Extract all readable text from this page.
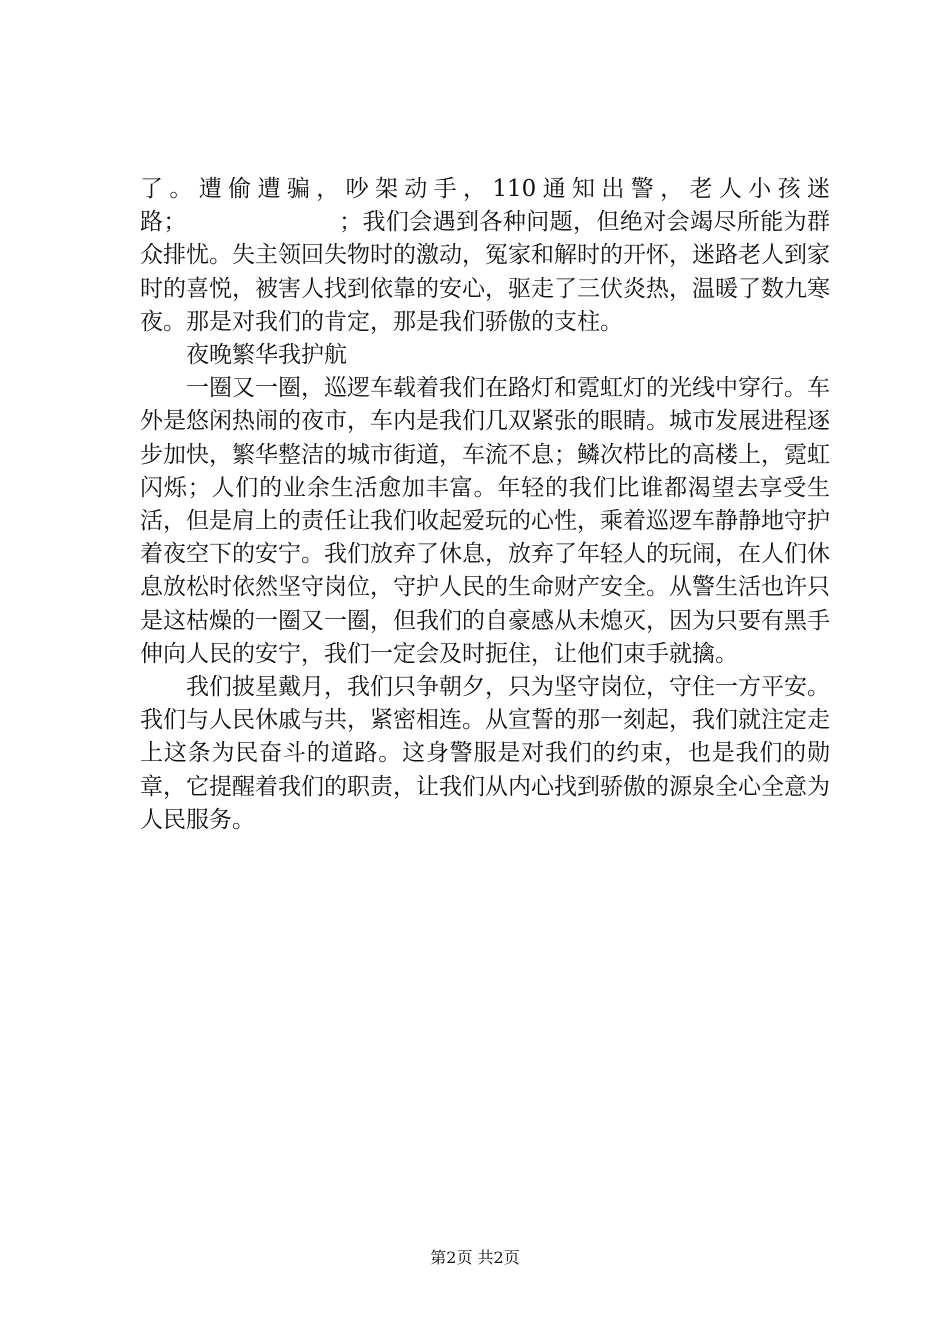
了。遭偷遭骗，吵架动手，110通知出警，老人小孩迷路；　　　　　　　；我们会遇到各种问题，但绝对会竭尽所能为群众排忧。失主领回失物时的激动，冤家和解时的开怀，迷路老人到家时的喜悦，被害人找到依靠的安心，驱走了三伏炎热，温暖了数九寒夜。那是对我们的肯定，那是我们骄傲的支柱。

夜晚繁华我护航

一圈又一圈，巡逻车载着我们在路灯和霓虹灯的光线中穿行。车外是悠闲热闹的夜市，车内是我们几双紧张的眼睛。城市发展进程逐步加快，繁华整洁的城市街道，车流不息；鳞次栉比的高楼上，霓虹闪烁；人们的业余生活愈加丰富。年轻的我们比谁都渴望去享受生活，但是肩上的责任让我们收起爱玩的心性，乘着巡逻车静静地守护着夜空下的安宁。我们放弃了休息，放弃了年轻人的玩闹，在人们休息放松时依然坚守岗位，守护人民的生命财产安全。从警生活也许只是这枯燥的一圈又一圈，但我们的自豪感从未熄灭，因为只要有黑手伸向人民的安宁，我们一定会及时扼住，让他们束手就擒。

我们披星戴月，我们只争朝夕，只为坚守岗位，守住一方平安。我们与人民休戚与共，紧密相连。从宣誓的那一刻起，我们就注定走上这条为民奋斗的道路。这身警服是对我们的约束，也是我们的勋章，它提醒着我们的职责，让我们从内心找到骄傲的源泉全心全意为人民服务。

第2页 共2页
